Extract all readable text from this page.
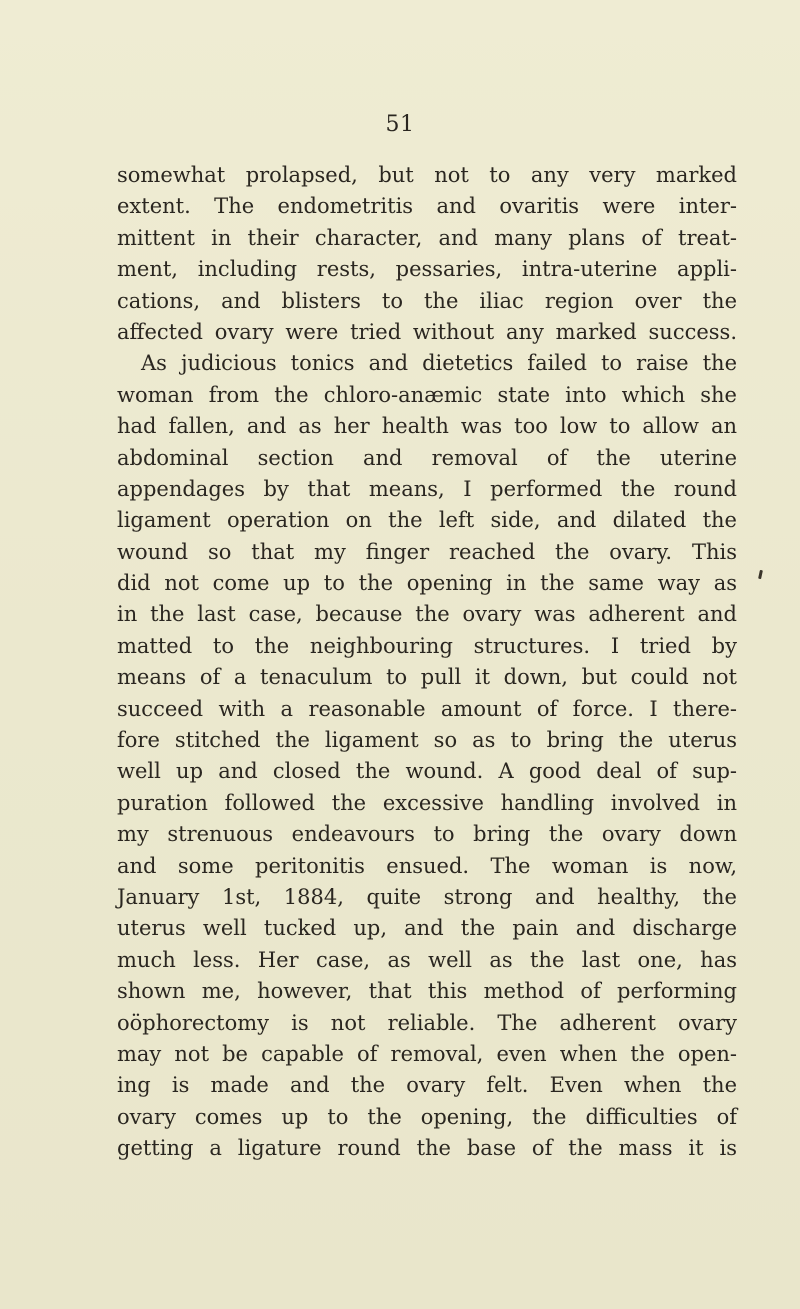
51
somewhat prolapsed, but not to any very marked
extent. The endometritis and ovaritis were inter-
mittent in their character, and many plans of treat-
ment, including rests, pessaries, intra-uterine appli-
cations, and blisters to the iliac region over the
affected ovary were tried without any marked success.
As judicious tonics and dietetics failed to raise the
woman from the chloro-anæmic state into which she
had fallen, and as her health was too low to allow an
abdominal section and removal of the uterine
appendages by that means, I performed the round
ligament operation on the left side, and dilated the
wound so that my finger reached the ovary. This
did not come up to the opening in the same way as
in the last case, because the ovary was adherent and
matted to the neighbouring structures. I tried by
means of a tenaculum to pull it down, but could not
succeed with a reasonable amount of force. I there-
fore stitched the ligament so as to bring the uterus
well up and closed the wound. A good deal of sup-
puration followed the excessive handling involved in
my strenuous endeavours to bring the ovary down
and some peritonitis ensued. The woman is now,
January 1st, 1884, quite strong and healthy, the
uterus well tucked up, and the pain and discharge
much less. Her case, as well as the last one, has
shown me, however, that this method of performing
oöphorectomy is not reliable. The adherent ovary
may not be capable of removal, even when the open-
ing is made and the ovary felt. Even when the
ovary comes up to the opening, the difficulties of
getting a ligature round the base of the mass it is
